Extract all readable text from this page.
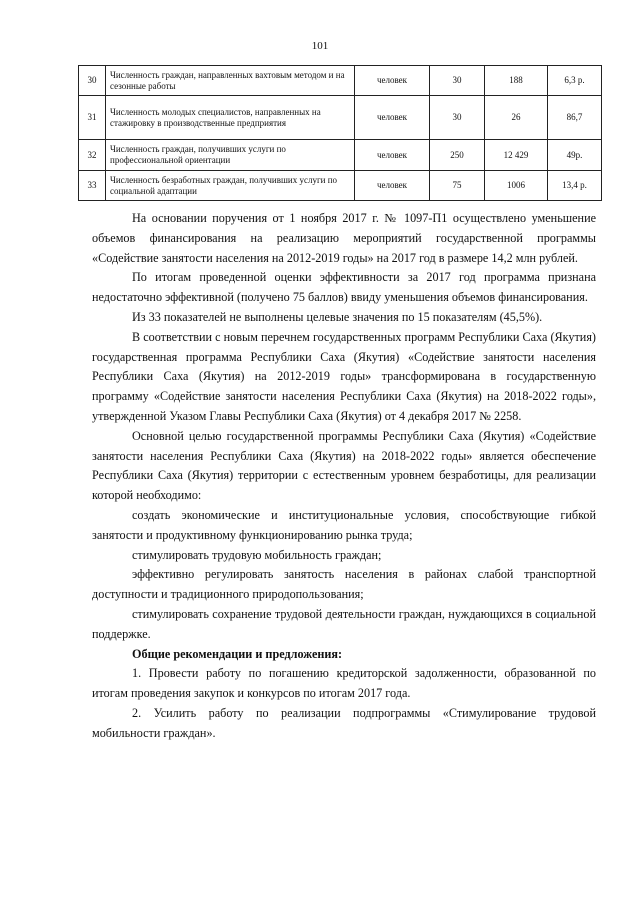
101
30	Численность граждан, направленных вахтовым методом и на сезонные работы	человек	30	188	6,3 р.
31	Численность молодых специалистов, направленных на стажировку в производственные предприятия	человек	30	26	86,7
32	Численность граждан, получивших услуги по профессиональной ориентации	человек	250	12 429	49р.
33	Численность безработных граждан, получивших услуги по социальной адаптации	человек	75	1006	13,4 р.

На основании поручения от 1 ноября 2017 г. № 1097-П1 осуществлено уменьшение объемов финансирования на реализацию мероприятий государственной программы «Содействие занятости населения на 2012-2019 годы» на 2017 год в размере 14,2 млн рублей.

По итогам проведенной оценки эффективности за 2017 год программа признана недостаточно эффективной (получено 75 баллов) ввиду уменьшения объемов финансирования.

Из 33 показателей не выполнены целевые значения по 15 показателям (45,5%).

В соответствии с новым перечнем государственных программ Республики Саха (Якутия) государственная программа Республики Саха (Якутия) «Содействие занятости населения Республики Саха (Якутия) на 2012-2019 годы» трансформирована в государственную программу «Содействие занятости населения Республики Саха (Якутия) на 2018-2022 годы», утвержденной Указом Главы Республики Саха (Якутия) от 4 декабря 2017 № 2258.

Основной целью государственной программы Республики Саха (Якутия) «Содействие занятости населения Республики Саха (Якутия) на 2018-2022 годы» является обеспечение Республики Саха (Якутия) территории с естественным уровнем безработицы, для реализации которой необходимо:

создать экономические и институциональные условия, способствующие гибкой занятости и продуктивному функционированию рынка труда;

стимулировать трудовую мобильность граждан;

эффективно регулировать занятость населения в районах слабой транспортной доступности и традиционного природопользования;

стимулировать сохранение трудовой деятельности граждан, нуждающихся в социальной поддержке.

Общие рекомендации и предложения:

1. Провести работу по погашению кредиторской задолженности, образованной по итогам проведения закупок и конкурсов по итогам 2017 года.

2. Усилить работу по реализации подпрограммы «Стимулирование трудовой мобильности граждан».
